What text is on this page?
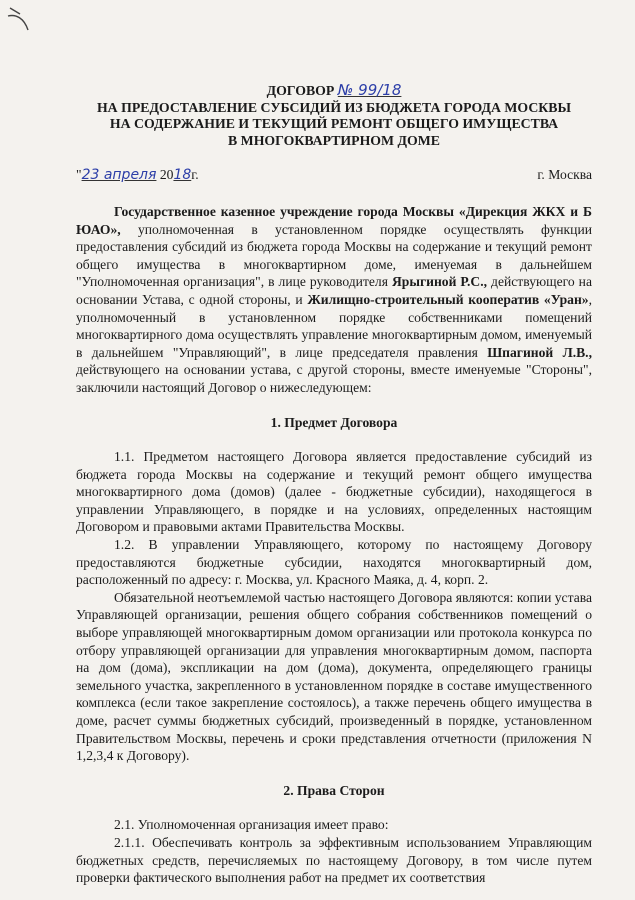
ДОГОВОР № 99/18
НА ПРЕДОСТАВЛЕНИЕ СУБСИДИЙ ИЗ БЮДЖЕТА ГОРОДА МОСКВЫ
НА СОДЕРЖАНИЕ И ТЕКУЩИЙ РЕМОНТ ОБЩЕГО ИМУЩЕСТВА
В МНОГОКВАРТИРНОМ ДОМЕ
"23 апреля 2018г.	г. Москва

Государственное казенное учреждение города Москвы «Дирекция ЖКХ и Б ЮАО», уполномоченная в установленном порядке осуществлять функции предоставления субсидий из бюджета города Москвы на содержание и текущий ремонт общего имущества в многоквартирном доме, именуемая в дальнейшем "Уполномоченная организация", в лице руководителя Ярыгиной Р.С., действующего на основании Устава, с одной стороны, и Жилищно-строительный кооператив «Уран», уполномоченный в установленном порядке собственниками помещений многоквартирного дома осуществлять управление многоквартирным домом, именуемый в дальнейшем "Управляющий", в лице председателя правления Шпагиной Л.В., действующего на основании устава, с другой стороны, вместе именуемые "Стороны", заключили настоящий Договор о нижеследующем:

1. Предмет Договора

1.1. Предметом настоящего Договора является предоставление субсидий из бюджета города Москвы на содержание и текущий ремонт общего имущества многоквартирного дома (домов) (далее - бюджетные субсидии), находящегося в управлении Управляющего, в порядке и на условиях, определенных настоящим Договором и правовыми актами Правительства Москвы.

1.2. В управлении Управляющего, которому по настоящему Договору предоставляются бюджетные субсидии, находятся многоквартирный дом, расположенный по адресу: г. Москва, ул. Красного Маяка, д. 4, корп. 2.

Обязательной неотъемлемой частью настоящего Договора являются: копии устава Управляющей организации, решения общего собрания собственников помещений о выборе управляющей многоквартирным домом организации или протокола конкурса по отбору управляющей организации для управления многоквартирным домом, паспорта на дом (дома), экспликации на дом (дома), документа, определяющего границы земельного участка, закрепленного в установленном порядке в составе имущественного комплекса (если такое закрепление состоялось), а также перечень общего имущества в доме, расчет суммы бюджетных субсидий, произведенный в порядке, установленном Правительством Москвы, перечень и сроки представления отчетности (приложения N 1,2,3,4 к Договору).

2. Права Сторон

2.1. Уполномоченная организация имеет право:

2.1.1. Обеспечивать контроль за эффективным использованием Управляющим бюджетных средств, перечисляемых по настоящему Договору, в том числе путем проверки фактического выполнения работ на предмет их соответствия
